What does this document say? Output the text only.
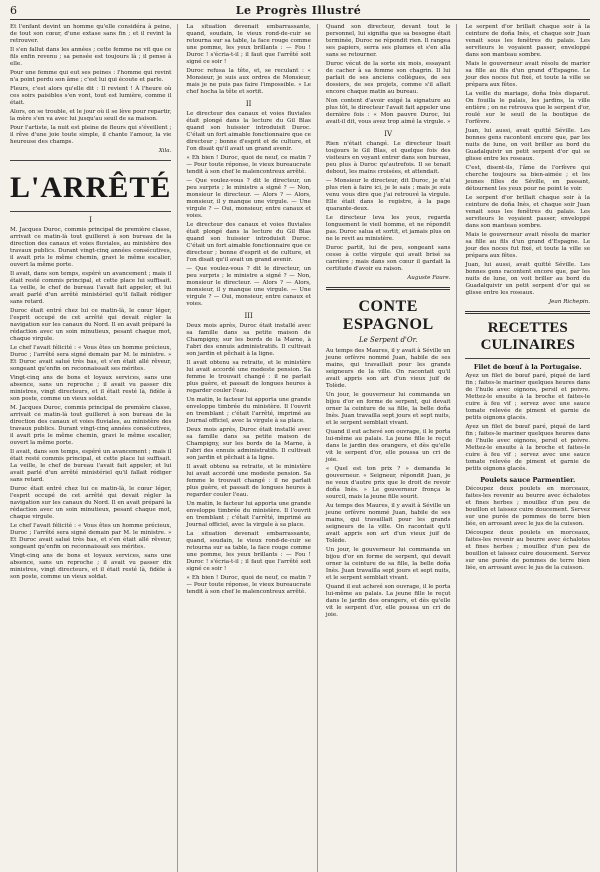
6	Le Progrès Illustré

Et l'enfant devint un homme qu'elle considéra à peine, de tout son cœur, d'une extase sans fin ; et il revint la retrouver.

Il s'en fallut dans les années ; cette femme ne vit que ce fils enfin revenu ; sa pensée est toujours là ; il pense à elle.

Pour une femme qui eut ses peines : l'homme qui revint n'a point perdu son âme ; c'est lui qui écoute et parle.

Fleurs, c'est alors qu'elle dit : Il revient ! À l'heure où ces soirs paisibles s'en vont, tout est lumière, comme il était.

Alors, on se trouble, et le jour où il se lève pour repartir, la mère s'en va avec lui jusqu'au seuil de sa maison.

Pour l'artiste, la nuit est pleine de fleurs qui s'éveillent ; il rêve d'une joie toute simple, il chante l'amour, la vie heureuse des champs.

Xila.
L'ARRÊTÉ
I

M. Jacques Duroc, commis principal de première classe, arrivait ce matin-là tout guilleret à son bureau de la direction des canaux et voies fluviales, au ministère des travaux publics. Durant vingt-cinq années consécutives, il avait pris le même chemin, gravi le même escalier, ouvert la même porte.

Il avait, dans son temps, espéré un avancement ; mais il était resté commis principal, et cette place lui suffisait. La veille, le chef de bureau l'avait fait appeler, et lui avait parlé d'un arrêté ministériel qu'il fallait rédiger sans retard.

Duroc était entré chez lui ce matin-là, le cœur léger, l'esprit occupé de cet arrêté qui devait régler la navigation sur les canaux du Nord. Il en avait préparé la rédaction avec un soin minutieux, pesant chaque mot, chaque virgule.

Le chef l'avait félicité : « Vous êtes un homme précieux, Duroc ; l'arrêté sera signé demain par M. le ministre. » Et Duroc avait salué très bas, et s'en était allé rêveur, songeant qu'enfin on reconnaissait ses mérites.

Vingt-cinq ans de bons et loyaux services, sans une absence, sans un reproche ; il avait vu passer dix ministres, vingt directeurs, et il était resté là, fidèle à son poste, comme un vieux soldat.

M. Jacques Duroc, commis principal de première classe, arrivait ce matin-là tout guilleret à son bureau de la direction des canaux et voies fluviales, au ministère des travaux publics. Durant vingt-cinq années consécutives, il avait pris le même chemin, gravi le même escalier, ouvert la même porte.

Il avait, dans son temps, espéré un avancement ; mais il était resté commis principal, et cette place lui suffisait. La veille, le chef de bureau l'avait fait appeler, et lui avait parlé d'un arrêté ministériel qu'il fallait rédiger sans retard.

Duroc était entré chez lui ce matin-là, le cœur léger, l'esprit occupé de cet arrêté qui devait régler la navigation sur les canaux du Nord. Il en avait préparé la rédaction avec un soin minutieux, pesant chaque mot, chaque virgule.

Le chef l'avait félicité : « Vous êtes un homme précieux, Duroc ; l'arrêté sera signé demain par M. le ministre. » Et Duroc avait salué très bas, et s'en était allé rêveur, songeant qu'enfin on reconnaissait ses mérites.

Vingt-cinq ans de bons et loyaux services, sans une absence, sans un reproche ; il avait vu passer dix ministres, vingt directeurs, et il était resté là, fidèle à son poste, comme un vieux soldat.

La situation devenait embarrassante, quand, soudain, le vieux rond-de-cuir se retourna sur sa table, la face rouge comme une pomme, les yeux brillants : — Fou ! Duroc ! s'écria-t-il ; il faut que l'arrêté soit signé ce soir !

Duroc refusa la tête, et, se reculant : « Monsieur, je suis aux ordres de Monsieur, mais je ne puis pas faire l'impossible. » Le chef hocha la tête et sortit.

II

Le directeur des canaux et voies fluviales était plongé dans la lecture du Gil Blas quand son huissier introduisit Duroc. C'était un fort aimable fonctionnaire que ce directeur ; bonne d'esprit et de culture, et l'on disait qu'il avait un grand avenir.

« Eh bien ! Duroc, quoi de neuf, ce matin ? — Pour toute réponse, le vieux bureaucrate tendit à son chef le malencontreux arrêté.

— Que voulez-vous ? dit le directeur, un peu surpris ; le ministre a signé ? — Non, monsieur le directeur. — Alors ? — Alors, monsieur, il y manque une virgule. — Une virgule ? — Oui, monsieur, entre canaux et voies.

Le directeur des canaux et voies fluviales était plongé dans la lecture du Gil Blas quand son huissier introduisit Duroc. C'était un fort aimable fonctionnaire que ce directeur ; bonne d'esprit et de culture, et l'on disait qu'il avait un grand avenir.

— Que voulez-vous ? dit le directeur, un peu surpris ; le ministre a signé ? — Non, monsieur le directeur. — Alors ? — Alors, monsieur, il y manque une virgule. — Une virgule ? — Oui, monsieur, entre canaux et voies.

III

Deux mois après, Duroc était installé avec sa famille dans sa petite maison de Champigny, sur les bords de la Marne, à l'abri des ennuis administratifs. Il cultivait son jardin et pêchait à la ligne.

Il avait obtenu sa retraite, et le ministère lui avait accordé une modeste pension. Sa femme le trouvait changé : il ne parlait plus guère, et passait de longues heures à regarder couler l'eau.

Un matin, le facteur lui apporta une grande enveloppe timbrée du ministère. Il l'ouvrit en tremblant ; c'était l'arrêté, imprimé au Journal officiel, avec la virgule à sa place.

Deux mois après, Duroc était installé avec sa famille dans sa petite maison de Champigny, sur les bords de la Marne, à l'abri des ennuis administratifs. Il cultivait son jardin et pêchait à la ligne.

Il avait obtenu sa retraite, et le ministère lui avait accordé une modeste pension. Sa femme le trouvait changé : il ne parlait plus guère, et passait de longues heures à regarder couler l'eau.

Un matin, le facteur lui apporta une grande enveloppe timbrée du ministère. Il l'ouvrit en tremblant ; c'était l'arrêté, imprimé au Journal officiel, avec la virgule à sa place.

La situation devenait embarrassante, quand, soudain, le vieux rond-de-cuir se retourna sur sa table, la face rouge comme une pomme, les yeux brillants : — Fou ! Duroc ! s'écria-t-il ; il faut que l'arrêté soit signé ce soir !

« Eh bien ! Duroc, quoi de neuf, ce matin ? — Pour toute réponse, le vieux bureaucrate tendit à son chef le malencontreux arrêté.

Quand son directeur, devant tout le personnel, lui signifia que sa besogne était terminée, Duroc ne répondit rien. Il rangea ses papiers, serra ses plumes et s'en alla sans se retourner.

Duroc vécut de la sorte six mois, essayant de cacher à sa femme son chagrin. Il lui parlait de ses anciens collègues, de ses dossiers, de ses projets, comme s'il allait encore chaque matin au bureau.

Non content d'avoir exigé la signature au plus tôt, le directeur l'avait fait appeler une dernière fois : « Mon pauvre Duroc, lui avait-il dit, vous avez trop aimé la virgule. »

IV

Rien n'était changé. Le directeur lisait toujours le Gil Blas, et quelque fois des visiteurs en voyant entrer dans son bureau, peu plus à Duroc qu'autrefois. Il se tenait debout, les mains croisées, et attendait.

— Monsieur le directeur, dit Duroc, je n'ai plus rien à faire ici, je le sais ; mais je suis venu vous dire que j'ai retrouvé la virgule. Elle était dans le registre, à la page quarante-deux.

Le directeur leva les yeux, regarda longuement le vieil homme, et ne répondit pas. Duroc salua et sortit, et jamais plus on ne le revit au ministère.

Duroc partit, lui de peu, songeant sans cesse à cette virgule qui avait brisé sa carrière ; mais dans son cœur il gardait la certitude d'avoir eu raison.

Auguste Faure.
CONTE ESPAGNOL
Le Serpent d'Or.

Au temps des Maures, il y avait à Séville un jeune orfèvre nommé Juan, habile de ses mains, qui travaillait pour les grands seigneurs de la ville. On racontait qu'il avait appris son art d'un vieux juif de Tolède.

Un jour, le gouverneur lui commanda un bijou d'or en forme de serpent, qui devait orner la ceinture de sa fille, la belle doña Inès. Juan travailla sept jours et sept nuits, et le serpent semblait vivant.

Quand il eut achevé son ouvrage, il le porta lui-même au palais. La jeune fille le reçut dans le jardin des orangers, et dès qu'elle vit le serpent d'or, elle poussa un cri de joie.

« Quel est ton prix ? » demanda le gouverneur. « Seigneur, répondit Juan, je ne veux d'autre prix que le droit de revoir doña Inès. » Le gouverneur fronça le sourcil, mais la jeune fille sourit.

Au temps des Maures, il y avait à Séville un jeune orfèvre nommé Juan, habile de ses mains, qui travaillait pour les grands seigneurs de la ville. On racontait qu'il avait appris son art d'un vieux juif de Tolède.

Un jour, le gouverneur lui commanda un bijou d'or en forme de serpent, qui devait orner la ceinture de sa fille, la belle doña Inès. Juan travailla sept jours et sept nuits, et le serpent semblait vivant.

Quand il eut achevé son ouvrage, il le porta lui-même au palais. La jeune fille le reçut dans le jardin des orangers, et dès qu'elle vit le serpent d'or, elle poussa un cri de joie.

Le serpent d'or brillait chaque soir à la ceinture de doña Inès, et chaque soir Juan venait sous les fenêtres du palais. Les serviteurs le voyaient passer, enveloppé dans son manteau sombre.

Mais le gouverneur avait résolu de marier sa fille au fils d'un grand d'Espagne. Le jour des noces fut fixé, et toute la ville se prépara aux fêtes.

La veille du mariage, doña Inès disparut. On fouilla le palais, les jardins, la ville entière ; on ne retrouva que le serpent d'or, roulé sur le seuil de la boutique de l'orfèvre.

Juan, lui aussi, avait quitté Séville. Les bonnes gens racontent encore que, par les nuits de lune, on voit briller au bord du Guadalquivir un petit serpent d'or qui se glisse entre les roseaux.

C'est, disent-ils, l'âme de l'orfèvre qui cherche toujours sa bien-aimée ; et les jeunes filles de Séville, en passant, détournent les yeux pour ne point le voir.

Le serpent d'or brillait chaque soir à la ceinture de doña Inès, et chaque soir Juan venait sous les fenêtres du palais. Les serviteurs le voyaient passer, enveloppé dans son manteau sombre.

Mais le gouverneur avait résolu de marier sa fille au fils d'un grand d'Espagne. Le jour des noces fut fixé, et toute la ville se prépara aux fêtes.

Juan, lui aussi, avait quitté Séville. Les bonnes gens racontent encore que, par les nuits de lune, on voit briller au bord du Guadalquivir un petit serpent d'or qui se glisse entre les roseaux.

Jean Richepin.
RECETTES CULINAIRES
Filet de bœuf à la Portugaise.

Ayez un filet de bœuf paré, piqué de lard fin ; faites-le mariner quelques heures dans de l'huile avec oignons, persil et poivre. Mettez-le ensuite à la broche et faites-le cuire à feu vif ; servez avec une sauce tomate relevée de piment et garnie de petits oignons glacés.

Ayez un filet de bœuf paré, piqué de lard fin ; faites-le mariner quelques heures dans de l'huile avec oignons, persil et poivre. Mettez-le ensuite à la broche et faites-le cuire à feu vif ; servez avec une sauce tomate relevée de piment et garnie de petits oignons glacés.

Poulets sauce Parmentier.

Découpez deux poulets en morceaux, faites-les revenir au beurre avec échalotes et fines herbes ; mouillez d'un peu de bouillon et laissez cuire doucement. Servez sur une purée de pommes de terre bien liée, en arrosant avec le jus de la cuisson.

Découpez deux poulets en morceaux, faites-les revenir au beurre avec échalotes et fines herbes ; mouillez d'un peu de bouillon et laissez cuire doucement. Servez sur une purée de pommes de terre bien liée, en arrosant avec le jus de la cuisson.
